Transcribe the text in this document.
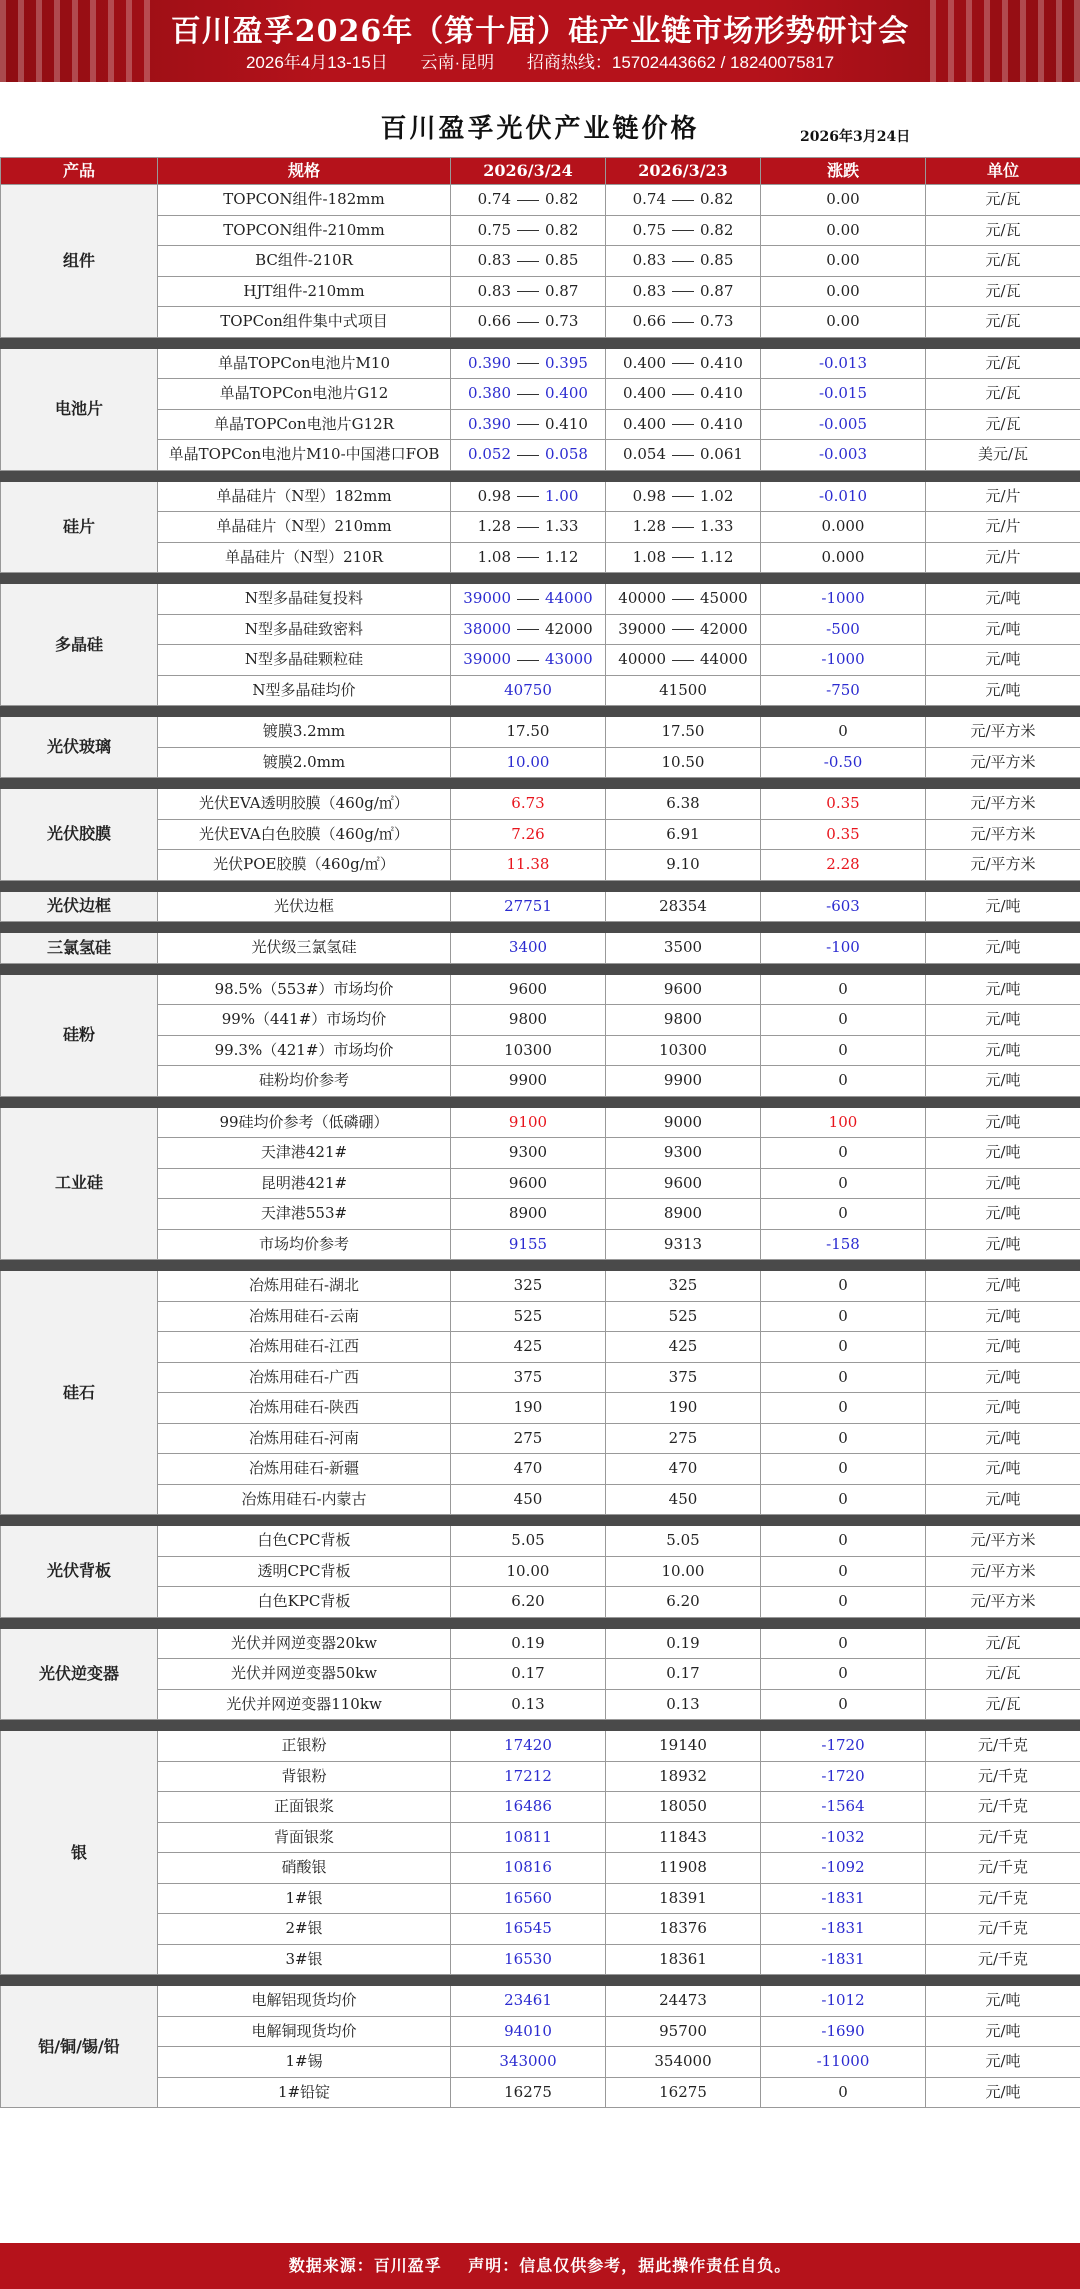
百川盈孚2026年（第十届）硅产业链市场形势研讨会
2026年4月13-15日 云南·昆明 招商热线：15702443662 / 18240075817
百川盈孚光伏产业链价格	2026年3月24日
产品	规格	2026/3/24	2026/3/23	涨跌	单位
组件	TOPCON组件-182mm	0.74 0.82	0.74 0.82	0.00	元/瓦
	TOPCON组件-210mm	0.75 0.82	0.75 0.82	0.00	元/瓦
	BC组件-210R	0.83 0.85	0.83 0.85	0.00	元/瓦
	HJT组件-210mm	0.83 0.87	0.83 0.87	0.00	元/瓦
	TOPCon组件集中式项目	0.66 0.73	0.66 0.73	0.00	元/瓦

电池片	单晶TOPCon电池片M10	0.390 0.395	0.400 0.410	-0.013	元/瓦
	单晶TOPCon电池片G12	0.380 0.400	0.400 0.410	-0.015	元/瓦
	单晶TOPCon电池片G12R	0.390 0.410	0.400 0.410	-0.005	元/瓦
	单晶TOPCon电池片M10-中国港口FOB	0.052 0.058	0.054 0.061	-0.003	美元/瓦

硅片	单晶硅片（N型）182mm	0.98 1.00	0.98 1.02	-0.010	元/片
	单晶硅片（N型）210mm	1.28 1.33	1.28 1.33	0.000	元/片
	单晶硅片（N型）210R	1.08 1.12	1.08 1.12	0.000	元/片

多晶硅	N型多晶硅复投料	39000 44000	40000 45000	-1000	元/吨
	N型多晶硅致密料	38000 42000	39000 42000	-500	元/吨
	N型多晶硅颗粒硅	39000 43000	40000 44000	-1000	元/吨
	N型多晶硅均价	40750	41500	-750	元/吨

光伏玻璃	镀膜3.2mm	17.50	17.50	0	元/平方米
	镀膜2.0mm	10.00	10.50	-0.50	元/平方米

光伏胶膜	光伏EVA透明胶膜（460g/㎡）	6.73	6.38	0.35	元/平方米
	光伏EVA白色胶膜（460g/㎡）	7.26	6.91	0.35	元/平方米
	光伏POE胶膜（460g/㎡）	11.38	9.10	2.28	元/平方米

光伏边框	光伏边框	27751	28354	-603	元/吨

三氯氢硅	光伏级三氯氢硅	3400	3500	-100	元/吨

硅粉	98.5%（553#）市场均价	9600	9600	0	元/吨
	99%（441#）市场均价	9800	9800	0	元/吨
	99.3%（421#）市场均价	10300	10300	0	元/吨
	硅粉均价参考	9900	9900	0	元/吨

工业硅	99硅均价参考（低磷硼）	9100	9000	100	元/吨
	天津港421#	9300	9300	0	元/吨
	昆明港421#	9600	9600	0	元/吨
	天津港553#	8900	8900	0	元/吨
	市场均价参考	9155	9313	-158	元/吨

硅石	冶炼用硅石-湖北	325	325	0	元/吨
	冶炼用硅石-云南	525	525	0	元/吨
	冶炼用硅石-江西	425	425	0	元/吨
	冶炼用硅石-广西	375	375	0	元/吨
	冶炼用硅石-陕西	190	190	0	元/吨
	冶炼用硅石-河南	275	275	0	元/吨
	冶炼用硅石-新疆	470	470	0	元/吨
	冶炼用硅石-内蒙古	450	450	0	元/吨

光伏背板	白色CPC背板	5.05	5.05	0	元/平方米
	透明CPC背板	10.00	10.00	0	元/平方米
	白色KPC背板	6.20	6.20	0	元/平方米

光伏逆变器	光伏并网逆变器20kw	0.19	0.19	0	元/瓦
	光伏并网逆变器50kw	0.17	0.17	0	元/瓦
	光伏并网逆变器110kw	0.13	0.13	0	元/瓦

银	正银粉	17420	19140	-1720	元/千克
	背银粉	17212	18932	-1720	元/千克
	正面银浆	16486	18050	-1564	元/千克
	背面银浆	10811	11843	-1032	元/千克
	硝酸银	10816	11908	-1092	元/千克
	1#银	16560	18391	-1831	元/千克
	2#银	16545	18376	-1831	元/千克
	3#银	16530	18361	-1831	元/千克

铝/铜/锡/铅	电解铝现货均价	23461	24473	-1012	元/吨
	电解铜现货均价	94010	95700	-1690	元/吨
	1#锡	343000	354000	-11000	元/吨
	1#铅锭	16275	16275	0	元/吨
数据来源：百川盈孚 声明：信息仅供参考，据此操作责任自负。
